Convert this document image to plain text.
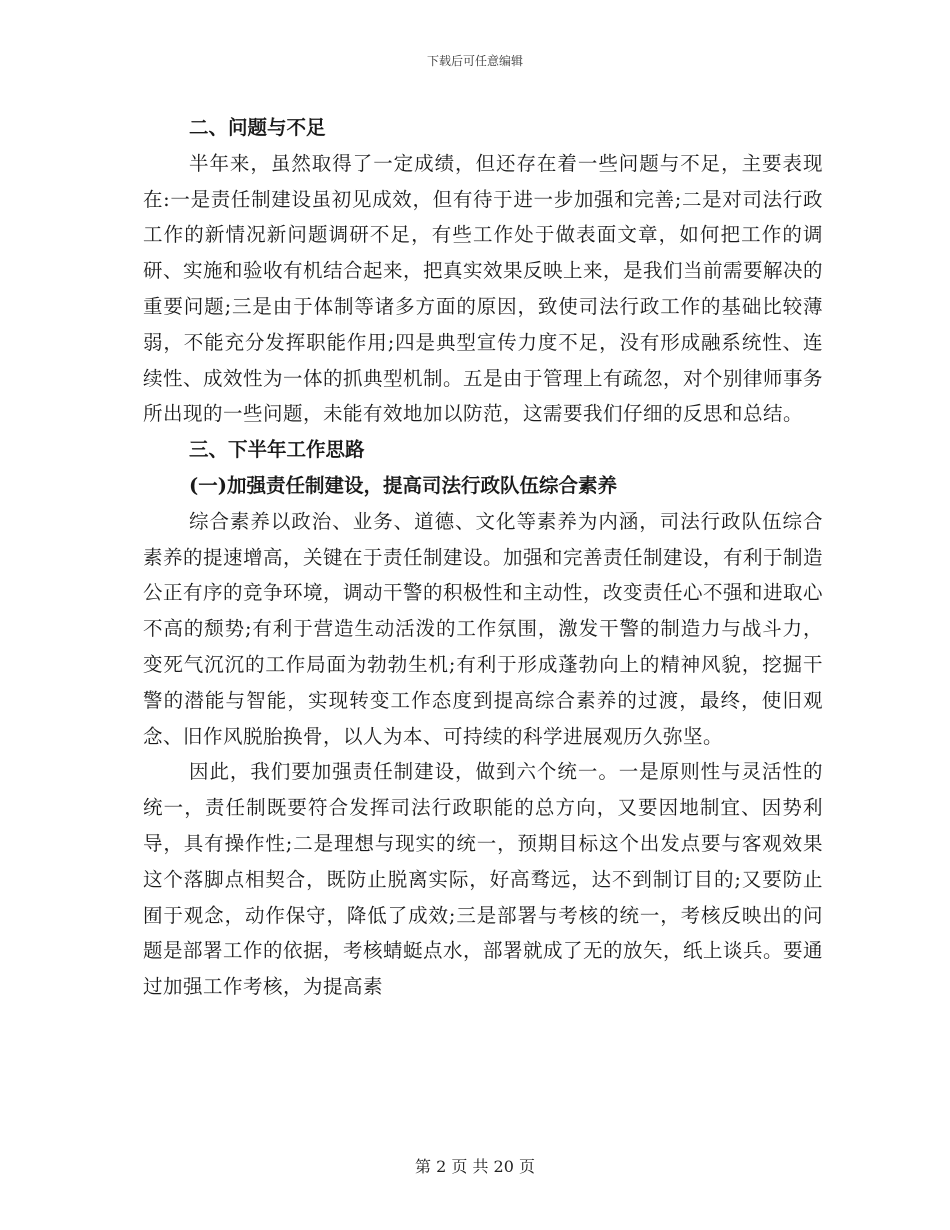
下载后可任意编辑

二、问题与不足

半年来，虽然取得了一定成绩，但还存在着一些问题与不足，主要表现在:一是责任制建设虽初见成效，但有待于进一步加强和完善;二是对司法行政工作的新情况新问题调研不足，有些工作处于做表面文章，如何把工作的调研、实施和验收有机结合起来，把真实效果反映上来，是我们当前需要解决的重要问题;三是由于体制等诸多方面的原因，致使司法行政工作的基础比较薄弱，不能充分发挥职能作用;四是典型宣传力度不足，没有形成融系统性、连续性、成效性为一体的抓典型机制。五是由于管理上有疏忽，对个别律师事务所出现的一些问题，未能有效地加以防范，这需要我们仔细的反思和总结。

三、下半年工作思路

(一)加强责任制建设，提高司法行政队伍综合素养

综合素养以政治、业务、道德、文化等素养为内涵，司法行政队伍综合素养的提速增高，关键在于责任制建设。加强和完善责任制建设，有利于制造公正有序的竞争环境，调动干警的积极性和主动性，改变责任心不强和进取心不高的颓势;有利于营造生动活泼的工作氛围，激发干警的制造力与战斗力，变死气沉沉的工作局面为勃勃生机;有利于形成蓬勃向上的精神风貌，挖掘干警的潜能与智能，实现转变工作态度到提高综合素养的过渡，最终，使旧观念、旧作风脱胎换骨，以人为本、可持续的科学进展观历久弥坚。

因此，我们要加强责任制建设，做到六个统一。一是原则性与灵活性的统一，责任制既要符合发挥司法行政职能的总方向，又要因地制宜、因势利导，具有操作性;二是理想与现实的统一，预期目标这个出发点要与客观效果这个落脚点相契合，既防止脱离实际，好高骛远，达不到制订目的;又要防止囿于观念，动作保守，降低了成效;三是部署与考核的统一，考核反映出的问题是部署工作的依据，考核蜻蜓点水，部署就成了无的放矢，纸上谈兵。要通过加强工作考核，为提高素

第 2 页 共 20 页
